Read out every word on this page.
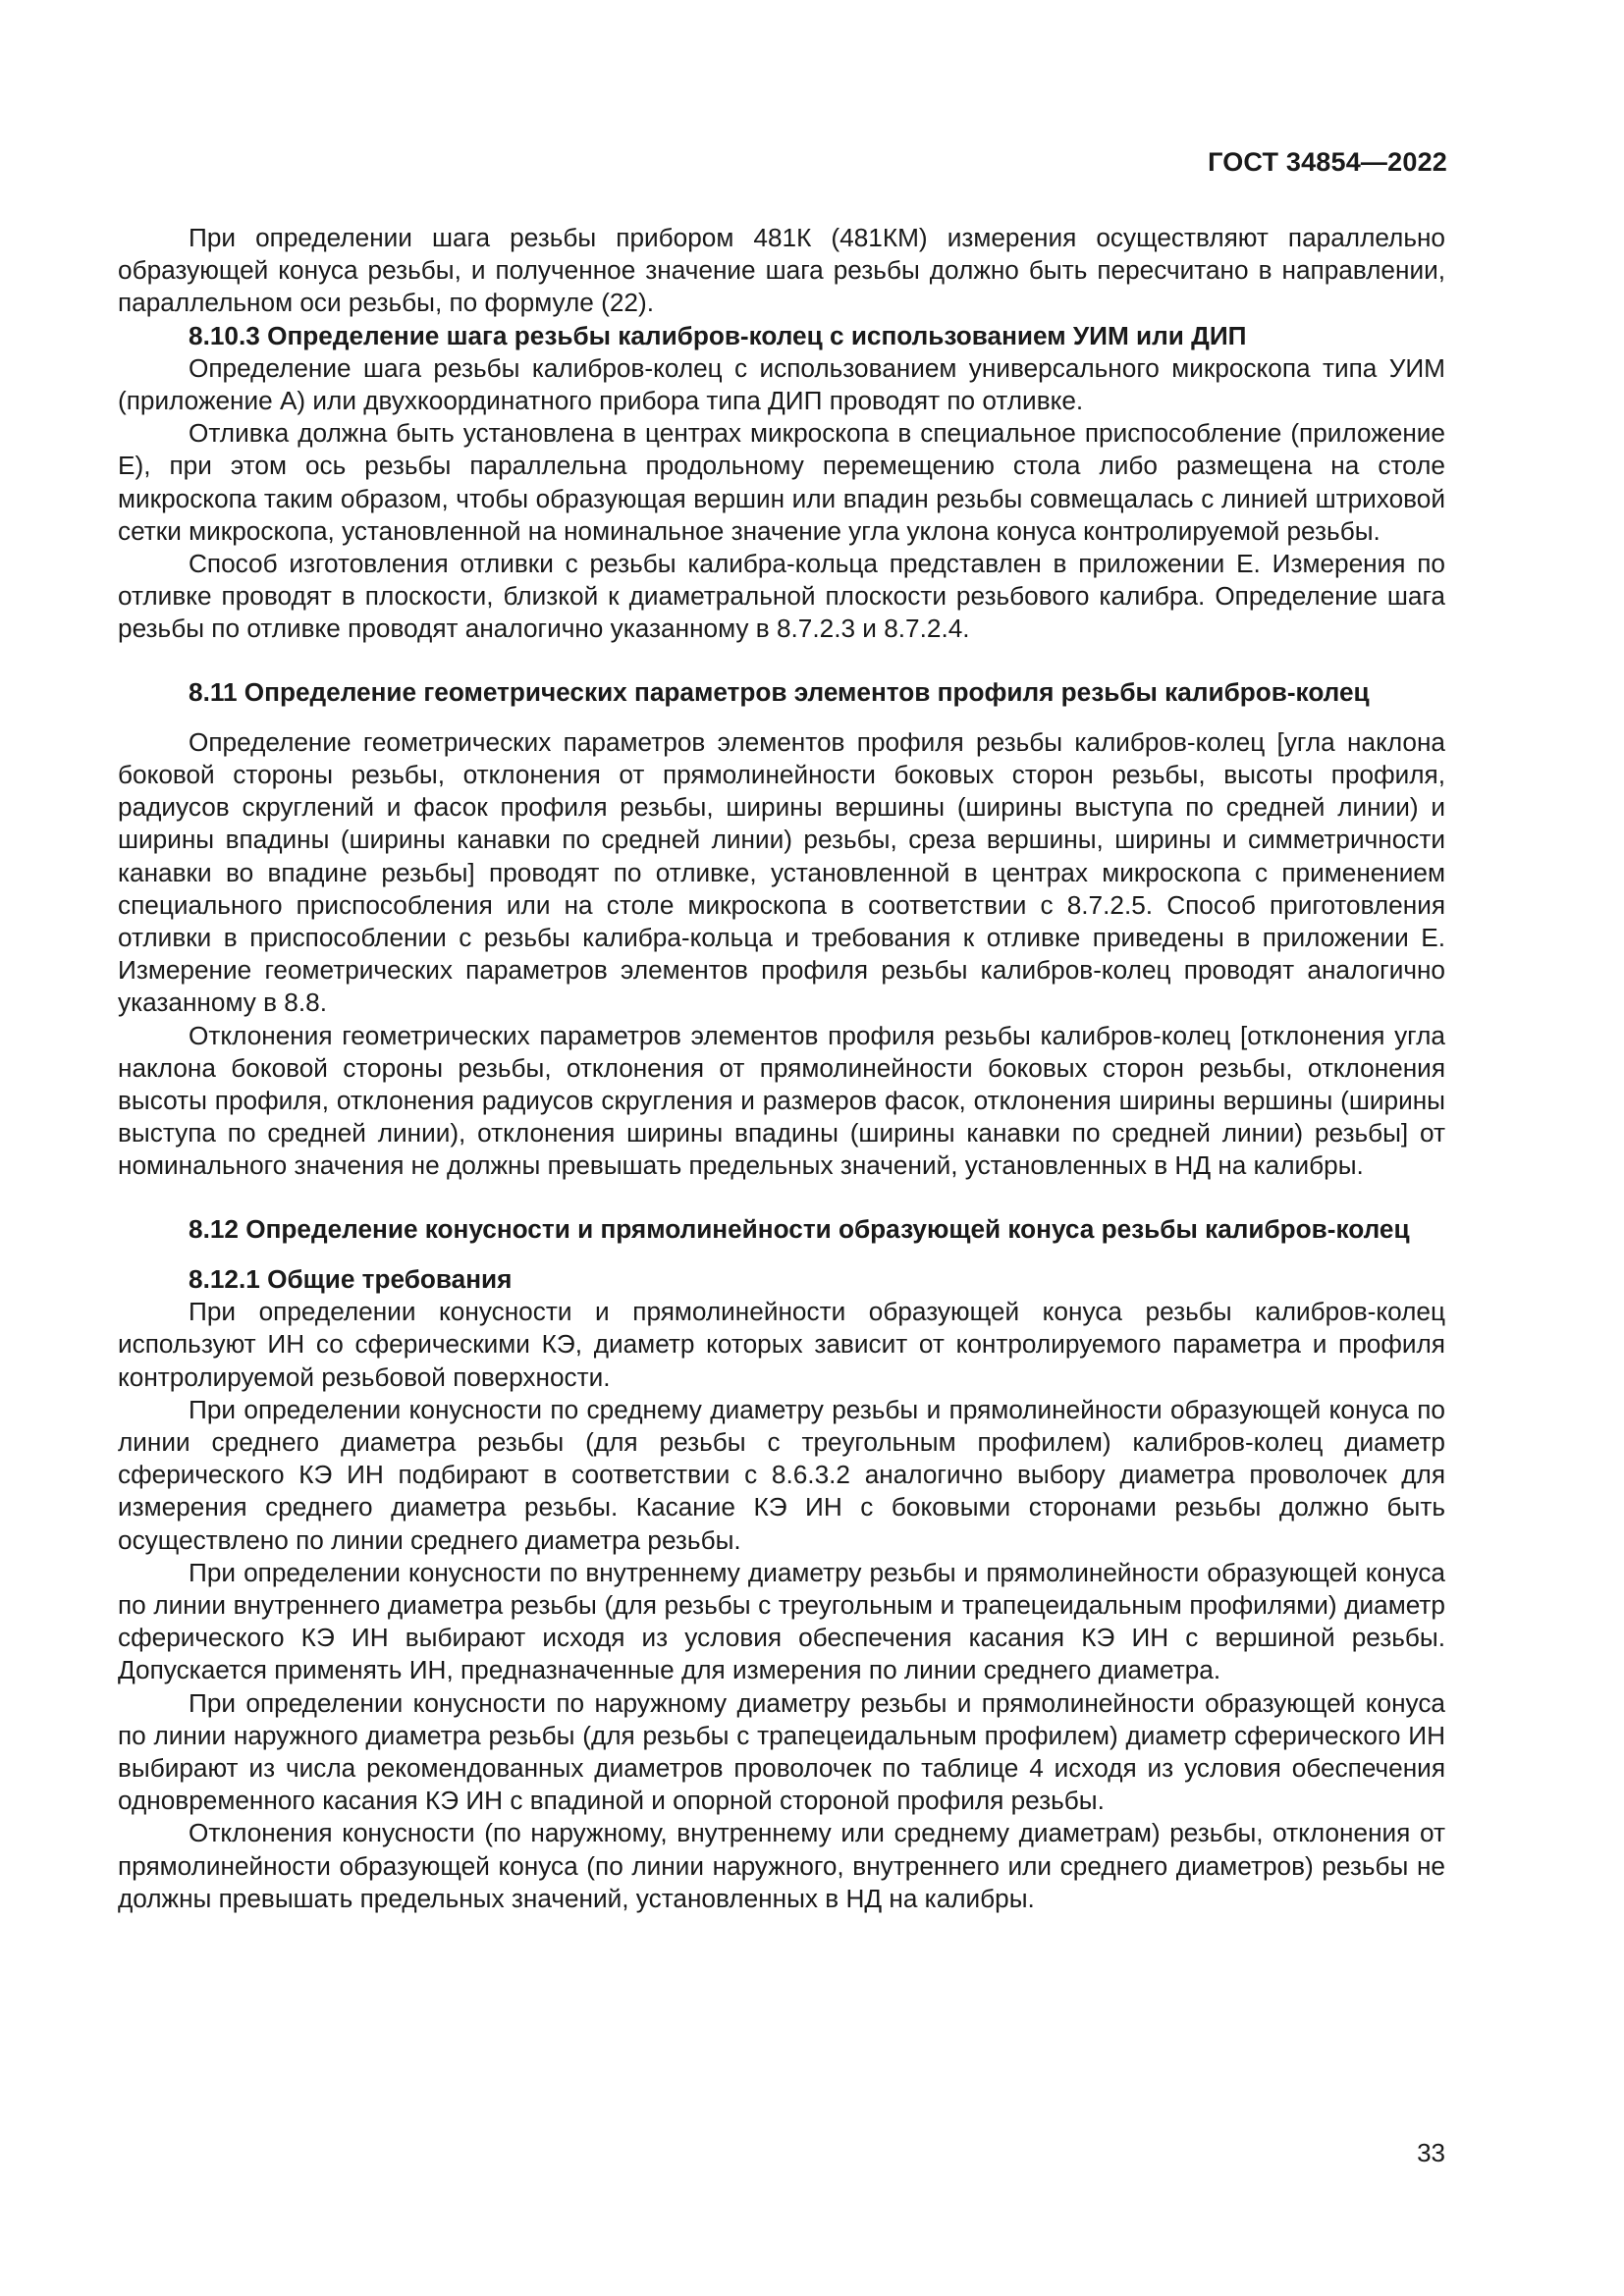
ГОСТ 34854—2022

При определении шага резьбы прибором 481К (481КМ) измерения осуществляют параллельно образующей конуса резьбы, и полученное значение шага резьбы должно быть пересчитано в направлении, параллельном оси резьбы, по формуле (22).

8.10.3 Определение шага резьбы калибров-колец с использованием УИМ или ДИП

Определение шага резьбы калибров-колец с использованием универсального микроскопа типа УИМ (приложение А) или двухкоординатного прибора типа ДИП проводят по отливке.

Отливка должна быть установлена в центрах микроскопа в специальное приспособление (приложение Е), при этом ось резьбы параллельна продольному перемещению стола либо размещена на столе микроскопа таким образом, чтобы образующая вершин или впадин резьбы совмещалась с линией штриховой сетки микроскопа, установленной на номинальное значение угла уклона конуса контролируемой резьбы.

Способ изготовления отливки с резьбы калибра-кольца представлен в приложении Е. Измерения по отливке проводят в плоскости, близкой к диаметральной плоскости резьбового калибра. Определение шага резьбы по отливке проводят аналогично указанному в 8.7.2.3 и 8.7.2.4.

8.11 Определение геометрических параметров элементов профиля резьбы калибров-колец

Определение геометрических параметров элементов профиля резьбы калибров-колец [угла наклона боковой стороны резьбы, отклонения от прямолинейности боковых сторон резьбы, высоты профиля, радиусов скруглений и фасок профиля резьбы, ширины вершины (ширины выступа по средней линии) и ширины впадины (ширины канавки по средней линии) резьбы, среза вершины, ширины и симметричности канавки во впадине резьбы] проводят по отливке, установленной в центрах микроскопа с применением специального приспособления или на столе микроскопа в соответствии с 8.7.2.5. Способ приготовления отливки в приспособлении с резьбы калибра-кольца и требования к отливке приведены в приложении Е. Измерение геометрических параметров элементов профиля резьбы калибров-колец проводят аналогично указанному в 8.8.

Отклонения геометрических параметров элементов профиля резьбы калибров-колец [отклонения угла наклона боковой стороны резьбы, отклонения от прямолинейности боковых сторон резьбы, отклонения высоты профиля, отклонения радиусов скругления и размеров фасок, отклонения ширины вершины (ширины выступа по средней линии), отклонения ширины впадины (ширины канавки по средней линии) резьбы] от номинального значения не должны превышать предельных значений, установленных в НД на калибры.

8.12 Определение конусности и прямолинейности образующей конуса резьбы калибров-колец

8.12.1 Общие требования

При определении конусности и прямолинейности образующей конуса резьбы калибров-колец используют ИН со сферическими КЭ, диаметр которых зависит от контролируемого параметра и профиля контролируемой резьбовой поверхности.

При определении конусности по среднему диаметру резьбы и прямолинейности образующей конуса по линии среднего диаметра резьбы (для резьбы с треугольным профилем) калибров-колец диаметр сферического КЭ ИН подбирают в соответствии с 8.6.3.2 аналогично выбору диаметра проволочек для измерения среднего диаметра резьбы. Касание КЭ ИН с боковыми сторонами резьбы должно быть осуществлено по линии среднего диаметра резьбы.

При определении конусности по внутреннему диаметру резьбы и прямолинейности образующей конуса по линии внутреннего диаметра резьбы (для резьбы с треугольным и трапецеидальным профилями) диаметр сферического КЭ ИН выбирают исходя из условия обеспечения касания КЭ ИН с вершиной резьбы. Допускается применять ИН, предназначенные для измерения по линии среднего диаметра.

При определении конусности по наружному диаметру резьбы и прямолинейности образующей конуса по линии наружного диаметра резьбы (для резьбы с трапецеидальным профилем) диаметр сферического ИН выбирают из числа рекомендованных диаметров проволочек по таблице 4 исходя из условия обеспечения одновременного касания КЭ ИН с впадиной и опорной стороной профиля резьбы.

Отклонения конусности (по наружному, внутреннему или среднему диаметрам) резьбы, отклонения от прямолинейности образующей конуса (по линии наружного, внутреннего или среднего диаметров) резьбы не должны превышать предельных значений, установленных в НД на калибры.

33
